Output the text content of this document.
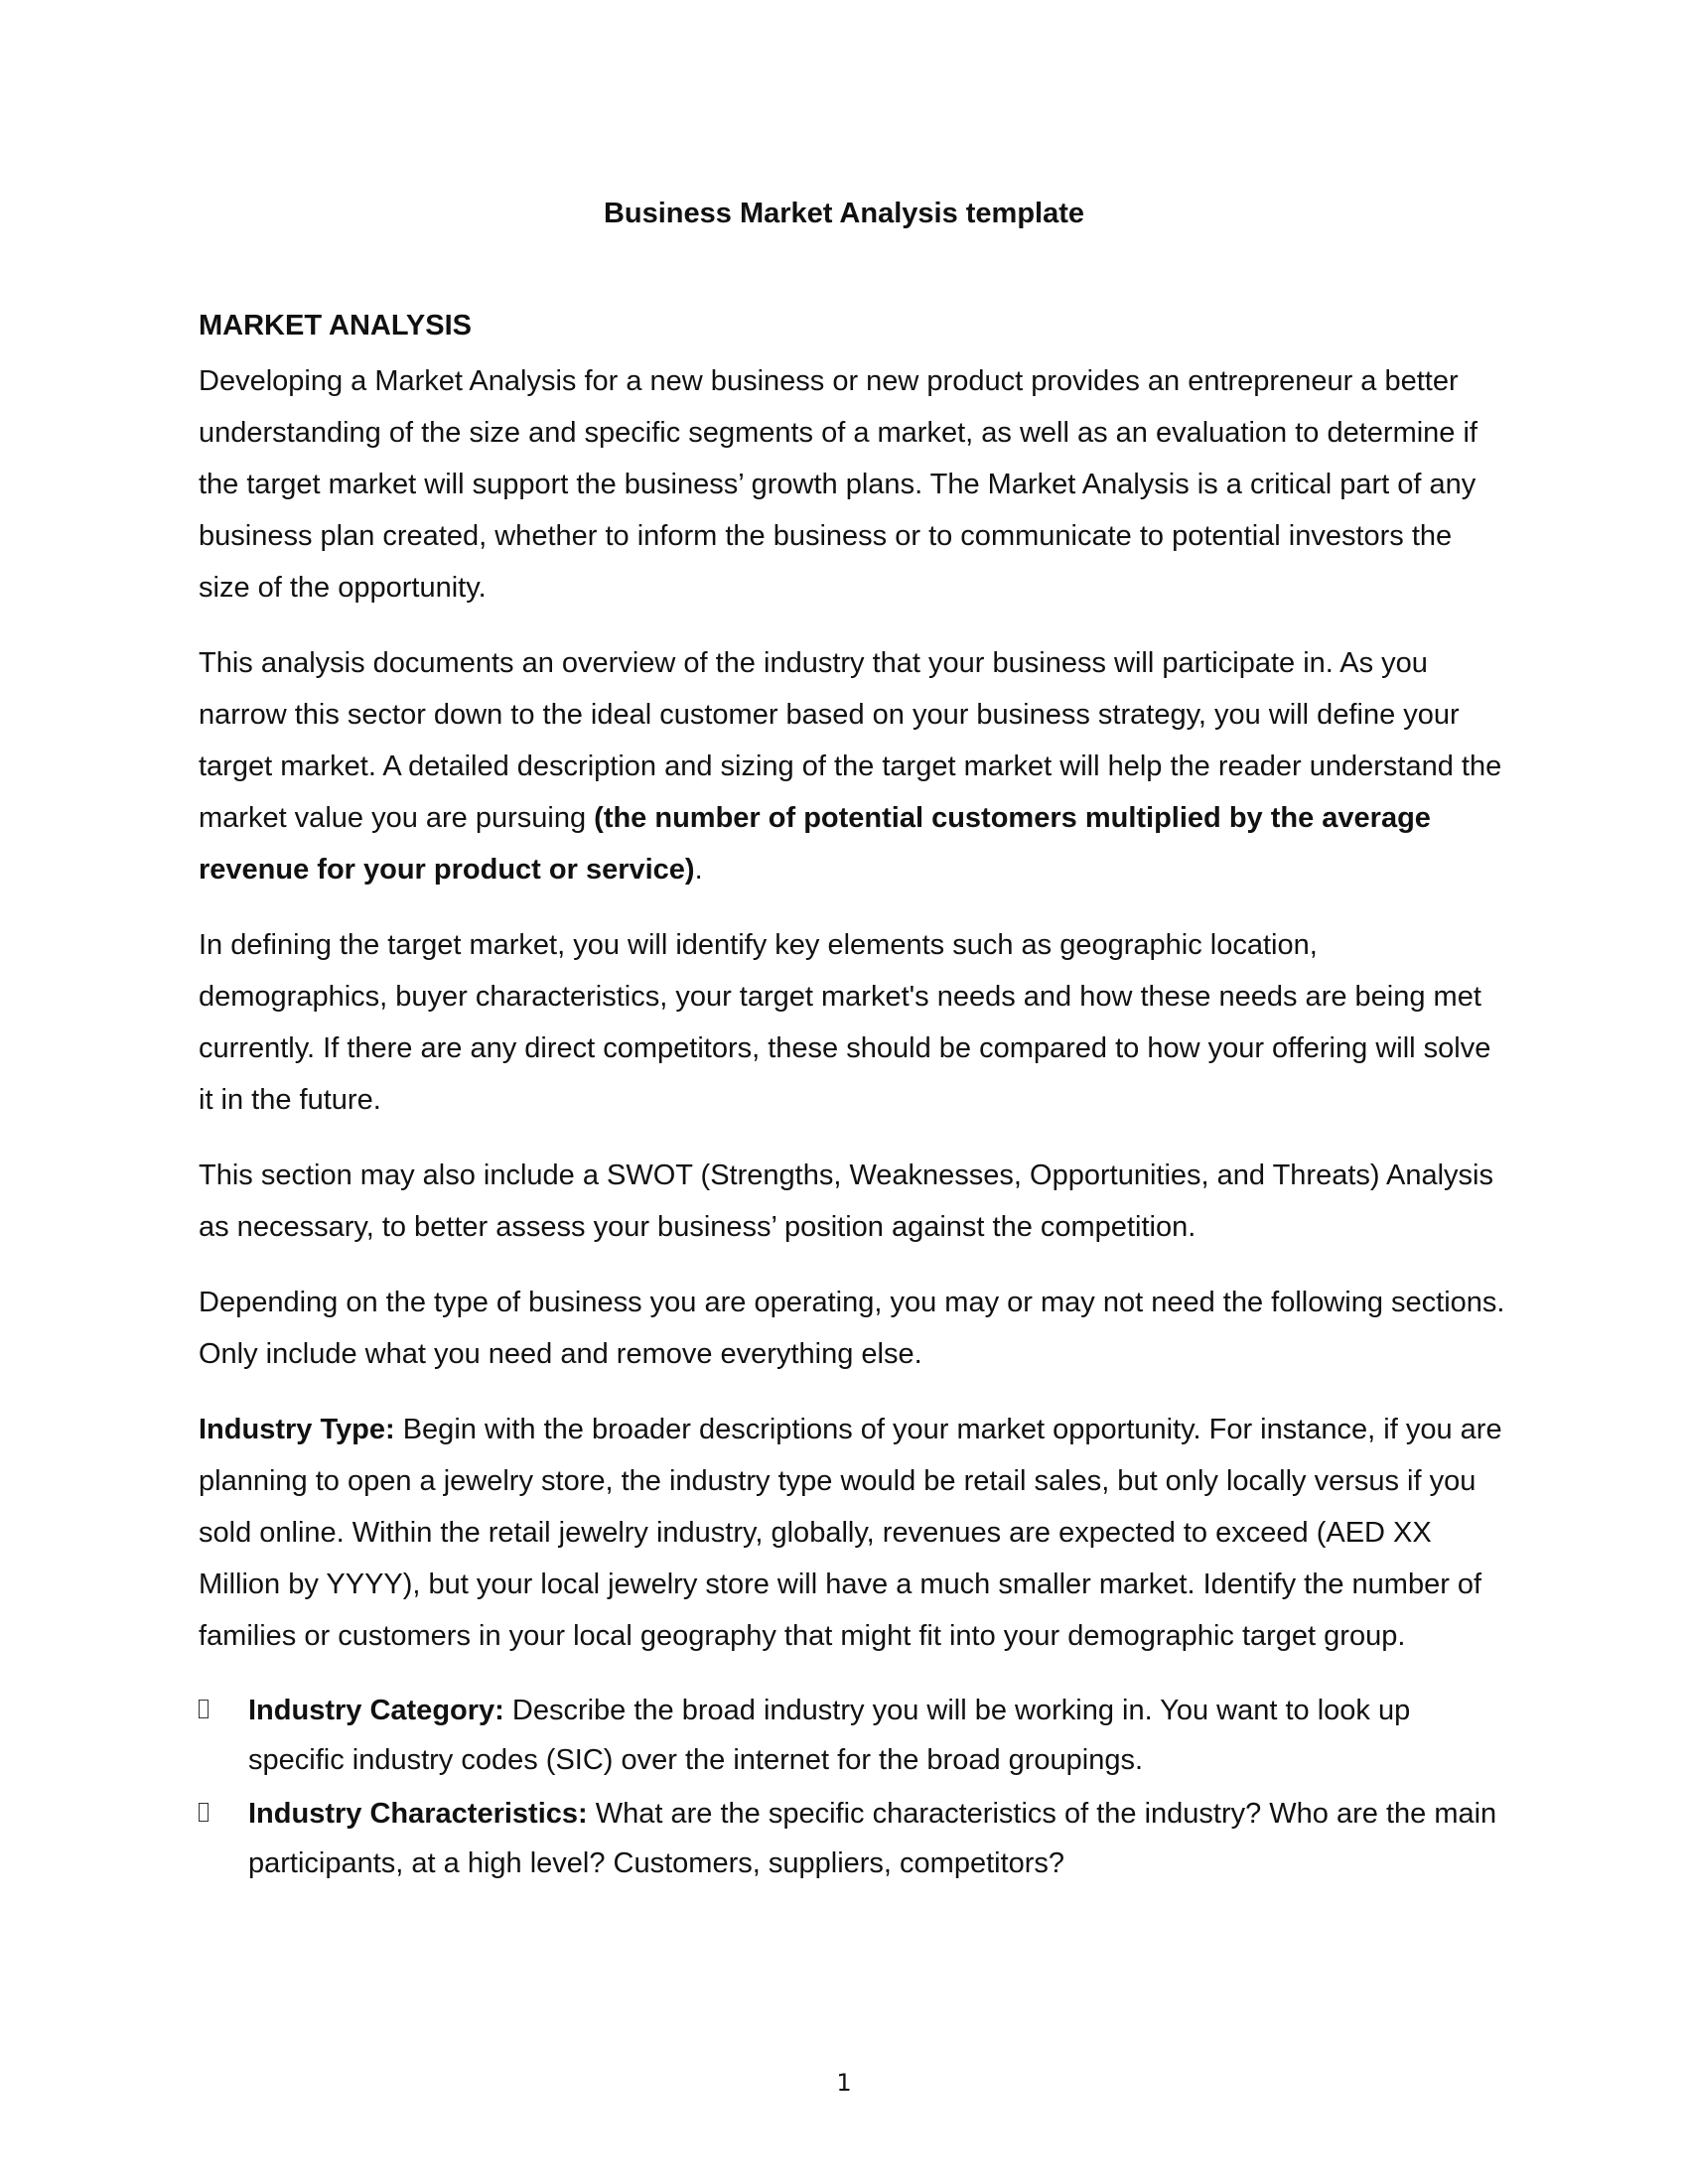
Business Market Analysis template
MARKET ANALYSIS

Developing a Market Analysis for a new business or new product provides an entrepreneur a better understanding of the size and specific segments of a market, as well as an evaluation to determine if the target market will support the business’ growth plans. The Market Analysis is a critical part of any business plan created, whether to inform the business or to communicate to potential investors the size of the opportunity.

This analysis documents an overview of the industry that your business will participate in. As you narrow this sector down to the ideal customer based on your business strategy, you will define your target market. A detailed description and sizing of the target market will help the reader understand the market value you are pursuing (the number of potential customers multiplied by the average revenue for your product or service).

In defining the target market, you will identify key elements such as geographic location, demographics, buyer characteristics, your target market's needs and how these needs are being met currently. If there are any direct competitors, these should be compared to how your offering will solve it in the future.

This section may also include a SWOT (Strengths, Weaknesses, Opportunities, and Threats) Analysis as necessary, to better assess your business’ position against the competition.

Depending on the type of business you are operating, you may or may not need the following sections. Only include what you need and remove everything else.

Industry Type: Begin with the broader descriptions of your market opportunity. For instance, if you are planning to open a jewelry store, the industry type would be retail sales, but only locally versus if you sold online. Within the retail jewelry industry, globally, revenues are expected to exceed (AED XX Million by YYYY), but your local jewelry store will have a much smaller market. Identify the number of families or customers in your local geography that might fit into your demographic target group.

Industry Category: Describe the broad industry you will be working in. You want to look up specific industry codes (SIC) over the internet for the broad groupings.
Industry Characteristics: What are the specific characteristics of the industry? Who are the main participants, at a high level? Customers, suppliers, competitors?
1
